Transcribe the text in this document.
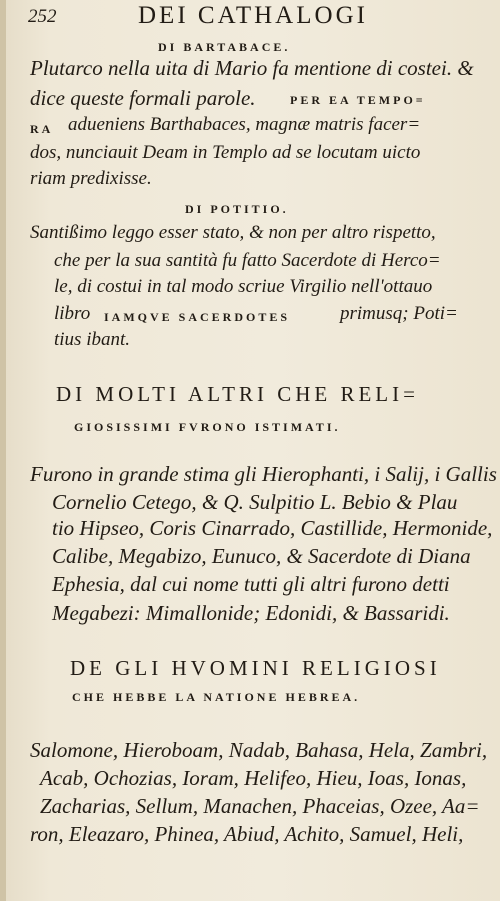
252	DEI CATHALOGI
DI BARTABACE.
Plutarco nella uita di Mario fa mentione di costei. &
dice queste formali parole.	PER EA TEMPO=
RA adueniens Barthabaces, magnæ matris facer=
dos, nunciauit Deam in Templo ad se locutam uicto
riam predixisse.
DI POTITIO.
Santißimo leggo esser stato, & non per altro rispetto,
che per la sua santità fu fatto Sacerdote di Herco=
le, di costui in tal modo scriue Virgilio nell'ottauo
libro IAMQVE SACERDOTES	primusq; Poti=
tius ibant.
DI MOLTI ALTRI CHE RELI=
GIOSISSIMI FVRONO ISTIMATI.
Furono in grande stima gli Hierophanti, i Salij, i Gallis
Cornelio Cetego, & Q. Sulpitio L. Bebio & Plau
tio Hipseo, Coris Cinarrado, Castillide, Hermonide,
Calibe, Megabizo, Eunuco, & Sacerdote di Diana
Ephesia, dal cui nome tutti gli altri furono detti
Megabezi: Mimallonide; Edonidi, & Bassaridi.
DE GLI HVOMINI RELIGIOSI
CHE HEBBE LA NATIONE HEBREA.
Salomone, Hieroboam, Nadab, Bahasa, Hela, Zambri,
Acab, Ochozias, Ioram, Helifeo, Hieu, Ioas, Ionas,
Zacharias, Sellum, Manachen, Phaceias, Ozee, Aa=
ron, Eleazaro, Phinea, Abiud, Achito, Samuel, Heli,
